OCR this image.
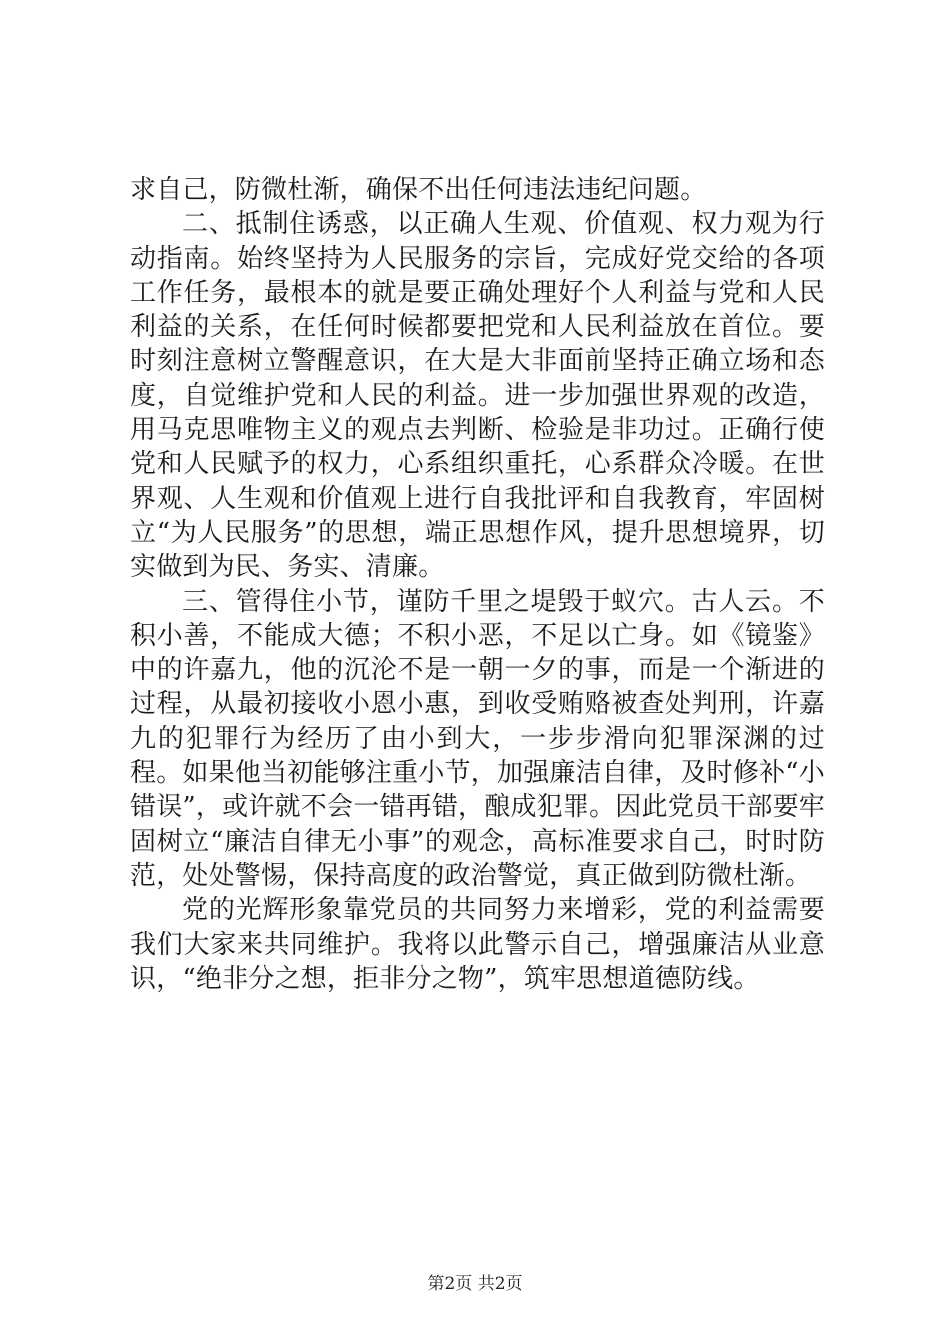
求自己，防微杜渐，确保不出任何违法违纪问题。

二、抵制住诱惑，以正确人生观、价值观、权力观为行动指南。始终坚持为人民服务的宗旨，完成好党交给的各项工作任务，最根本的就是要正确处理好个人利益与党和人民利益的关系，在任何时候都要把党和人民利益放在首位。要时刻注意树立警醒意识，在大是大非面前坚持正确立场和态度，自觉维护党和人民的利益。进一步加强世界观的改造，用马克思唯物主义的观点去判断、检验是非功过。正确行使党和人民赋予的权力，心系组织重托，心系群众冷暖。在世界观、人生观和价值观上进行自我批评和自我教育，牢固树立“为人民服务”的思想，端正思想作风，提升思想境界，切实做到为民、务实、清廉。

三、管得住小节，谨防千里之堤毁于蚁穴。古人云。不积小善，不能成大德；不积小恶，不足以亡身。如《镜鉴》中的许嘉九，他的沉沦不是一朝一夕的事，而是一个渐进的过程，从最初接收小恩小惠，到收受贿赂被查处判刑，许嘉九的犯罪行为经历了由小到大，一步步滑向犯罪深渊的过程。如果他当初能够注重小节，加强廉洁自律，及时修补“小错误”，或许就不会一错再错，酿成犯罪。因此党员干部要牢固树立“廉洁自律无小事”的观念，高标准要求自己，时时防范，处处警惕，保持高度的政治警觉，真正做到防微杜渐。

党的光辉形象靠党员的共同努力来增彩，党的利益需要我们大家来共同维护。我将以此警示自己，增强廉洁从业意识，“绝非分之想，拒非分之物”，筑牢思想道德防线。

第2页 共2页
